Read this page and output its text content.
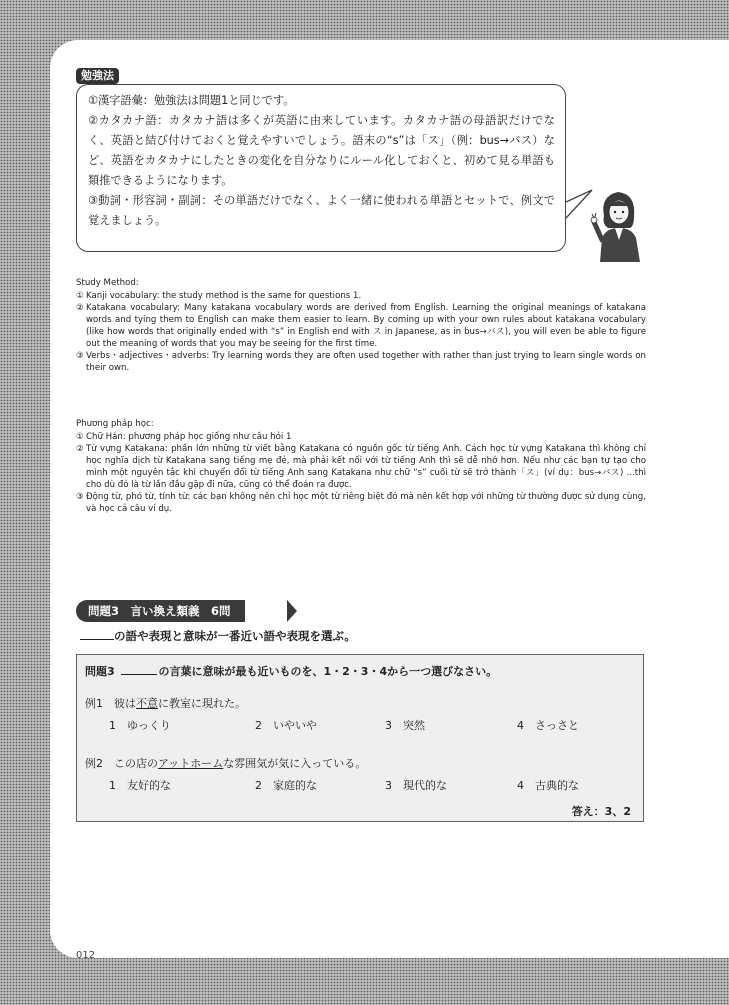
勉強法

①漢字語彙：勉強法は問題1と同じです。

②カタカナ語：カタカナ語は多くが英語に由来しています。カタカナ語の母語訳だけでなく、英語と結び付けておくと覚えやすいでしょう。語末の“s”は「ス」（例：bus→バス）など、英語をカタカナにしたときの変化を自分なりにルール化しておくと、初めて見る単語も類推できるようになります。

③動詞・形容詞・副詞：その単語だけでなく、よく一緒に使われる単語とセットで、例文で覚えましょう。

Study Method:

① Kanji vocabulary: the study method is the same for questions 1.

② Katakana vocabulary: Many katakana vocabulary words are derived from English. Learning the original meanings of katakana words and tying them to English can make them easier to learn. By coming up with your own rules about katakana vocabulary (like how words that originally ended with “s” in English end with ス in Japanese, as in bus→バス), you will even be able to figure out the meaning of words that you may be seeing for the first time.

③ Verbs・adjectives・adverbs: Try learning words they are often used together with rather than just trying to learn single words on their own.

Phương pháp học:

① Chữ Hán: phương pháp học giống như câu hỏi 1

② Từ vựng Katakana: phần lớn những từ viết bằng Katakana có nguồn gốc từ tiếng Anh. Cách học từ vựng Katakana thì không chỉ học nghĩa dịch từ Katakana sang tiếng mẹ đẻ, mà phải kết nối với từ tiếng Anh thì sẽ dễ nhớ hơn. Nếu như các bạn tự tạo cho mình một nguyên tắc khi chuyển đổi từ tiếng Anh sang Katakana như chữ “s” cuối từ sẽ trở thành「ス」(ví dụ：bus→バス) ...thì cho dù đó là từ lần đầu gặp đi nữa, cũng có thể đoán ra được.

③ Động từ, phó từ, tính từ: các bạn không nên chỉ học một từ riêng biệt đó mà nên kết hợp với những từ thường được sử dụng cùng, và học cả câu ví dụ.

問題3　言い換え類義　6問
の語や表現と意味が一番近い語や表現を選ぶ。
問題3	の言葉に意味が最も近いものを、1・2・3・4から一つ選びなさい。
例1　 彼は不意に教室に現れた。
1　 ゆっくり	2　 いやいや	3　 突然	4　 さっさと
例2　 この店のアットホームな雰囲気が気に入っている。
1　 友好的な	2　 家庭的な	3　 現代的な	4　 古典的な
答え：3、2
012
